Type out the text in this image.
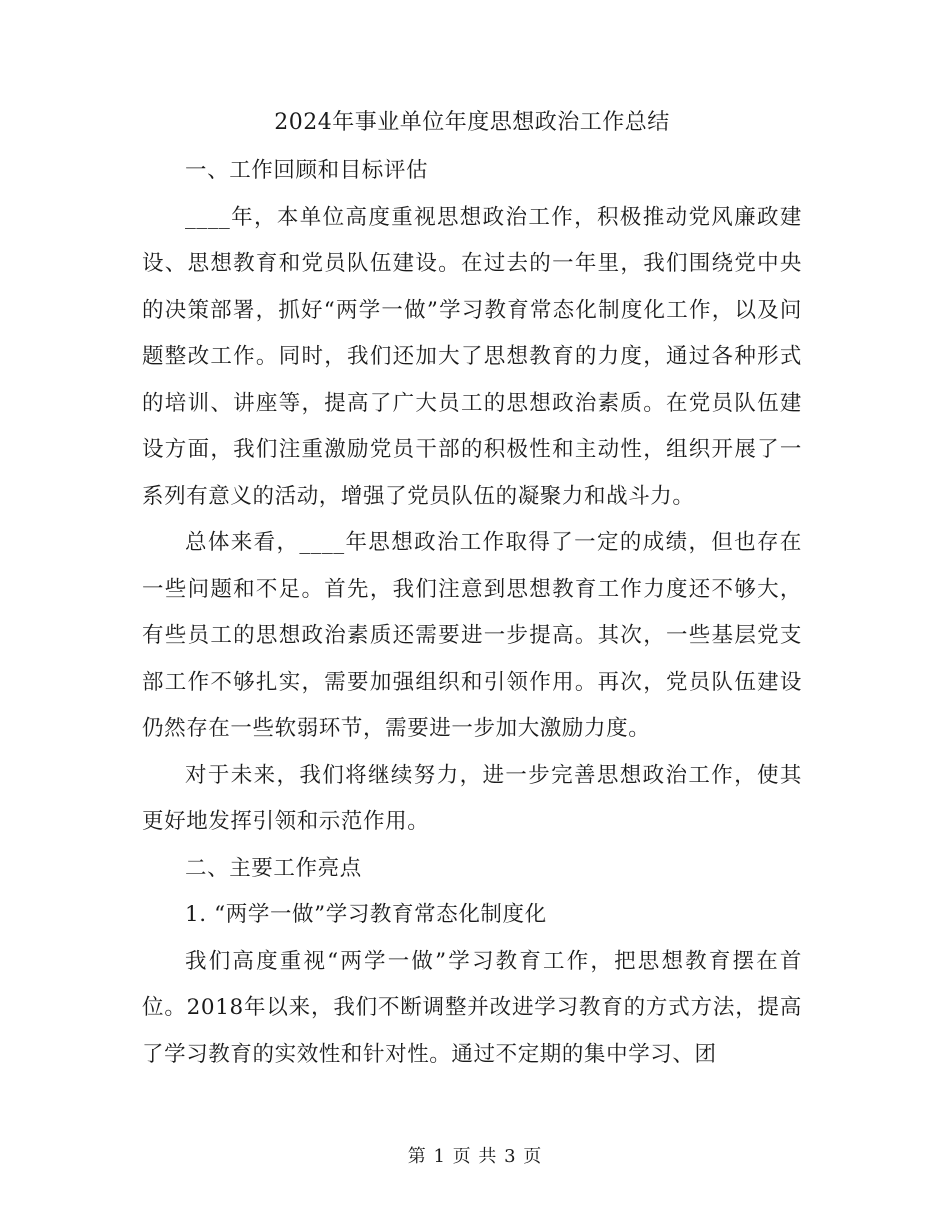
2024年事业单位年度思想政治工作总结

一、工作回顾和目标评估

____年，本单位高度重视思想政治工作，积极推动党风廉政建设、思想教育和党员队伍建设。在过去的一年里，我们围绕党中央的决策部署，抓好“两学一做”学习教育常态化制度化工作，以及问题整改工作。同时，我们还加大了思想教育的力度，通过各种形式的培训、讲座等，提高了广大员工的思想政治素质。在党员队伍建设方面，我们注重激励党员干部的积极性和主动性，组织开展了一系列有意义的活动，增强了党员队伍的凝聚力和战斗力。

总体来看，____年思想政治工作取得了一定的成绩，但也存在一些问题和不足。首先，我们注意到思想教育工作力度还不够大，有些员工的思想政治素质还需要进一步提高。其次，一些基层党支部工作不够扎实，需要加强组织和引领作用。再次，党员队伍建设仍然存在一些软弱环节，需要进一步加大激励力度。

对于未来，我们将继续努力，进一步完善思想政治工作，使其更好地发挥引领和示范作用。

二、主要工作亮点

1. “两学一做”学习教育常态化制度化

我们高度重视“两学一做”学习教育工作，把思想教育摆在首位。2018年以来，我们不断调整并改进学习教育的方式方法，提高了学习教育的实效性和针对性。通过不定期的集中学习、团

第 1 页 共 3 页
